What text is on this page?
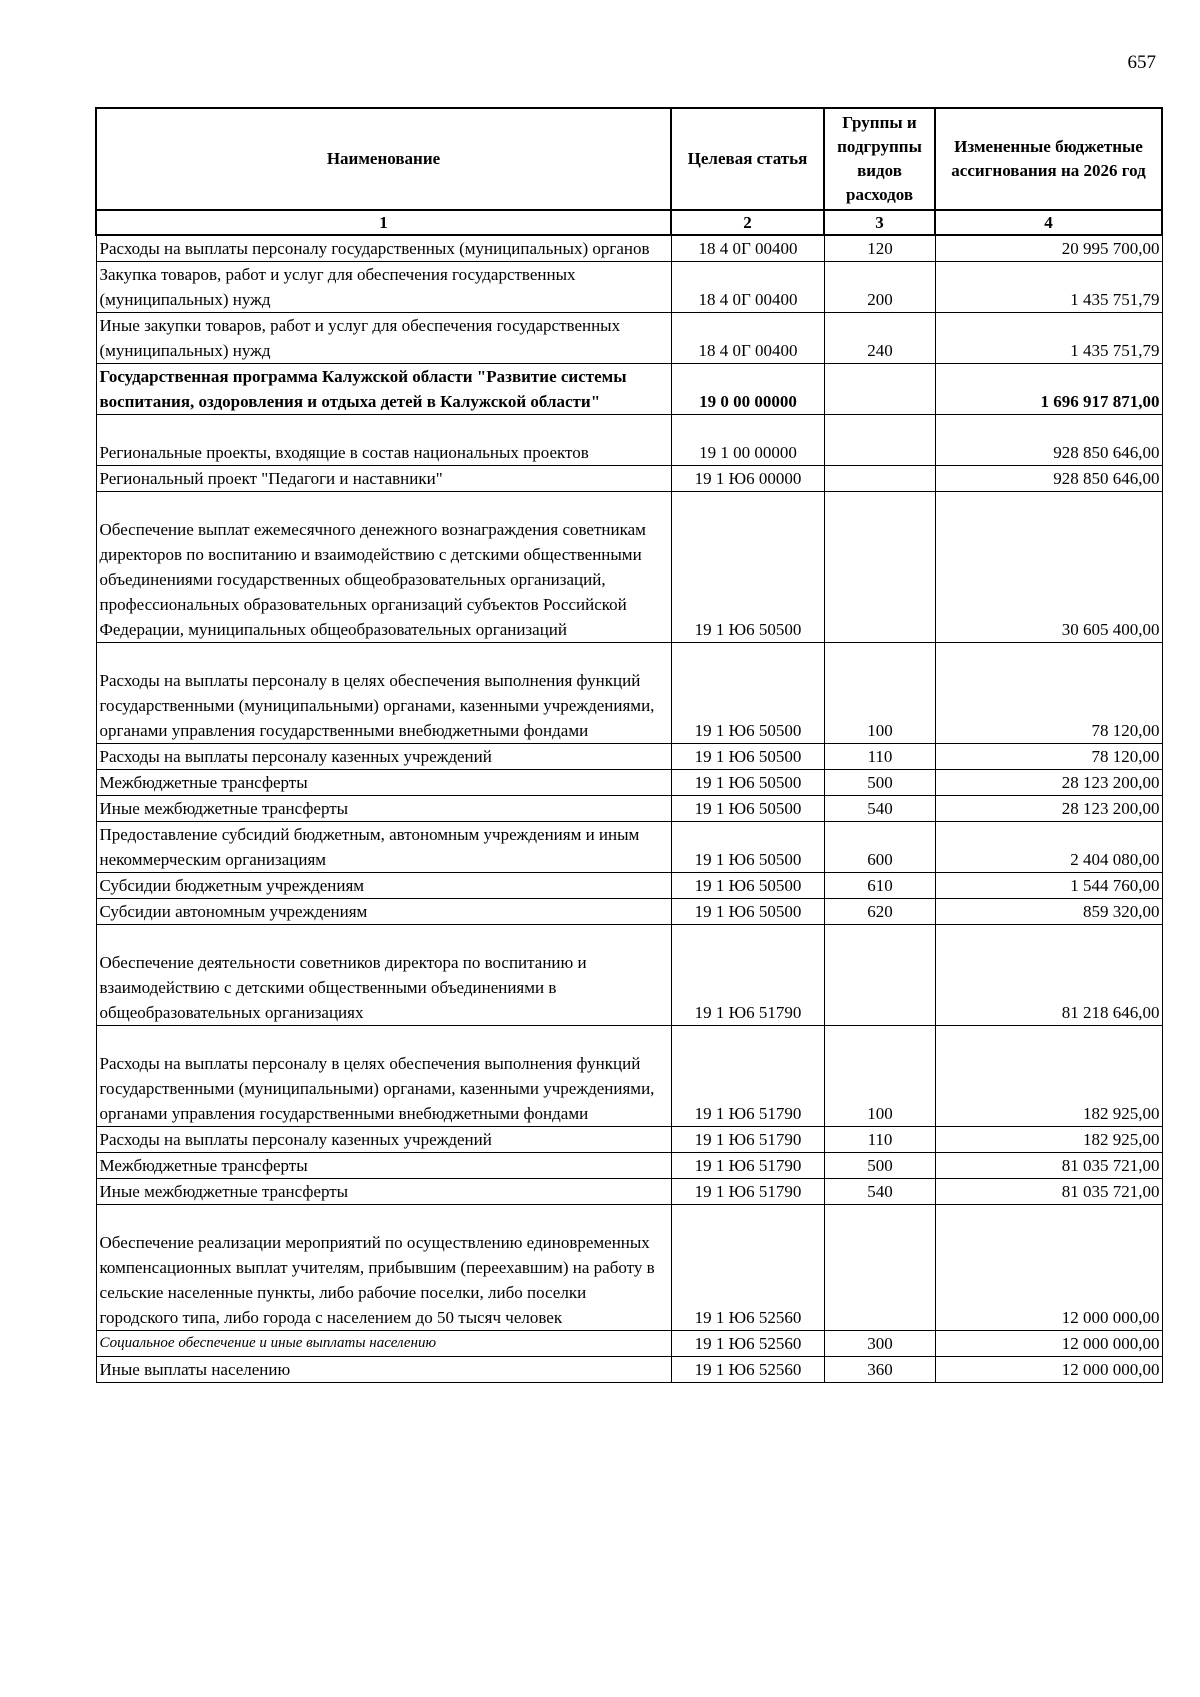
657
Наименование	Целевая статья	Группы и подгруппы видов расходов	Измененные бюджетные ассигнования на 2026 год
1	2	3	4
Расходы на выплаты персоналу государственных (муниципальных) органов	18 4 0Г 00400	120	20 995 700,00
Закупка товаров, работ и услуг для обеспечения государственных (муниципальных) нужд	18 4 0Г 00400	200	1 435 751,79
Иные закупки товаров, работ и услуг для обеспечения государственных (муниципальных) нужд	18 4 0Г 00400	240	1 435 751,79
Государственная программа Калужской области "Развитие системы воспитания, оздоровления и отдыха детей в Калужской области"	19 0 00 00000		1 696 917 871,00
Региональные проекты, входящие в состав национальных проектов	19 1 00 00000		928 850 646,00
Региональный проект "Педагоги и наставники"	19 1 Ю6 00000		928 850 646,00
Обеспечение выплат ежемесячного денежного вознаграждения советникам директоров по воспитанию и взаимодействию с детскими общественными объединениями государственных общеобразовательных организаций, профессиональных образовательных организаций субъектов Российской Федерации, муниципальных общеобразовательных организаций	19 1 Ю6 50500		30 605 400,00
Расходы на выплаты персоналу в целях обеспечения выполнения функций государственными (муниципальными) органами, казенными учреждениями, органами управления государственными внебюджетными фондами	19 1 Ю6 50500	100	78 120,00
Расходы на выплаты персоналу казенных учреждений	19 1 Ю6 50500	110	78 120,00
Межбюджетные трансферты	19 1 Ю6 50500	500	28 123 200,00
Иные межбюджетные трансферты	19 1 Ю6 50500	540	28 123 200,00
Предоставление субсидий бюджетным, автономным учреждениям и иным некоммерческим организациям	19 1 Ю6 50500	600	2 404 080,00
Субсидии бюджетным учреждениям	19 1 Ю6 50500	610	1 544 760,00
Субсидии автономным учреждениям	19 1 Ю6 50500	620	859 320,00
Обеспечение деятельности советников директора по воспитанию и взаимодействию с детскими общественными объединениями в общеобразовательных организациях	19 1 Ю6 51790		81 218 646,00
Расходы на выплаты персоналу в целях обеспечения выполнения функций государственными (муниципальными) органами, казенными учреждениями, органами управления государственными внебюджетными фондами	19 1 Ю6 51790	100	182 925,00
Расходы на выплаты персоналу казенных учреждений	19 1 Ю6 51790	110	182 925,00
Межбюджетные трансферты	19 1 Ю6 51790	500	81 035 721,00
Иные межбюджетные трансферты	19 1 Ю6 51790	540	81 035 721,00
Обеспечение реализации мероприятий по осуществлению единовременных компенсационных выплат учителям, прибывшим (переехавшим) на работу в сельские населенные пункты, либо рабочие поселки, либо поселки городского типа, либо города с населением до 50 тысяч человек	19 1 Ю6 52560		12 000 000,00
Социальное обеспечение и иные выплаты населению	19 1 Ю6 52560	300	12 000 000,00
Иные выплаты населению	19 1 Ю6 52560	360	12 000 000,00
